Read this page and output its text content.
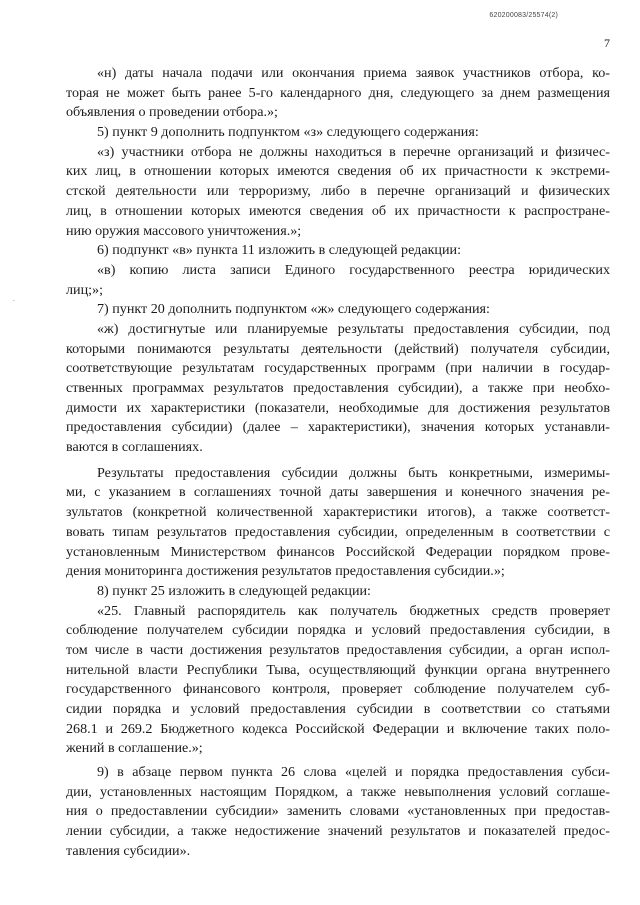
620200083/25574(2)
7
.
«н) даты начала подачи или окончания приема заявок участников отбора, ко-
торая не может быть ранее 5-го календарного дня, следующего за днем размещения
объявления о проведении отбора.»;
5) пункт 9 дополнить подпунктом «з» следующего содержания:
«з) участники отбора не должны находиться в перечне организаций и физичес-
ких лиц, в отношении которых имеются сведения об их причастности к экстреми-
стской деятельности или терроризму, либо в перечне организаций и физических
лиц, в отношении которых имеются сведения об их причастности к распростране-
нию оружия массового уничтожения.»;
6) подпункт «в» пункта 11 изложить в следующей редакции:
«в) копию листа записи Единого государственного реестра юридических
лиц;»;
7) пункт 20 дополнить подпунктом «ж» следующего содержания:
«ж) достигнутые или планируемые результаты предоставления субсидии, под
которыми понимаются результаты деятельности (действий) получателя субсидии,
соответствующие результатам государственных программ (при наличии в государ-
ственных программах результатов предоставления субсидии), а также при необхо-
димости их характеристики (показатели, необходимые для достижения результатов
предоставления субсидии) (далее – характеристики), значения которых устанавли-
ваются в соглашениях.
Результаты предоставления субсидии должны быть конкретными, измеримы-
ми, с указанием в соглашениях точной даты завершения и конечного значения ре-
зультатов (конкретной количественной характеристики итогов), а также соответст-
вовать типам результатов предоставления субсидии, определенным в соответствии с
установленным Министерством финансов Российской Федерации порядком прове-
дения мониторинга достижения результатов предоставления субсидии.»;
8) пункт 25 изложить в следующей редакции:
«25. Главный распорядитель как получатель бюджетных средств проверяет
соблюдение получателем субсидии порядка и условий предоставления субсидии, в
том числе в части достижения результатов предоставления субсидии, а орган испол-
нительной власти Республики Тыва, осуществляющий функции органа внутреннего
государственного финансового контроля, проверяет соблюдение получателем суб-
сидии порядка и условий предоставления субсидии в соответствии со статьями
268.1 и 269.2 Бюджетного кодекса Российской Федерации и включение таких поло-
жений в соглашение.»;
9) в абзаце первом пункта 26 слова «целей и порядка предоставления субси-
дии, установленных настоящим Порядком, а также невыполнения условий соглаше-
ния о предоставлении субсидии» заменить словами «установленных при предостав-
лении субсидии, а также недостижение значений результатов и показателей предос-
тавления субсидии».
